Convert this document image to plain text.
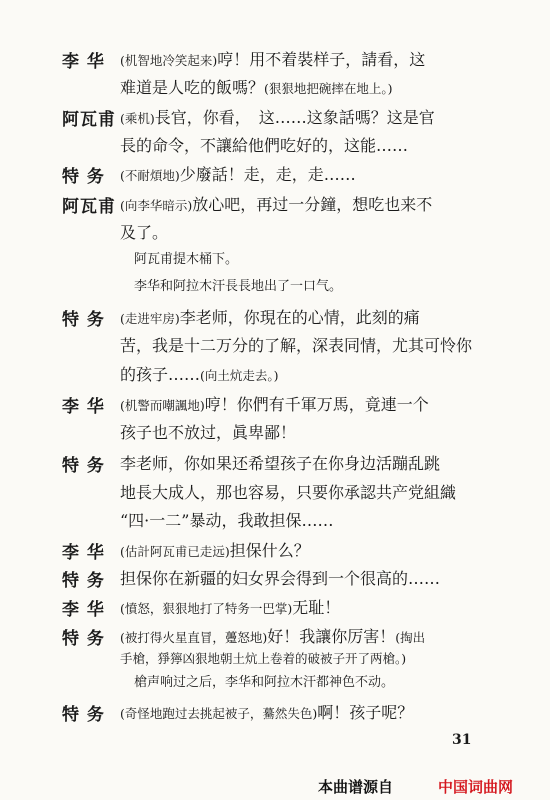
李 华 (机智地冷笑起来)哼！用不着裝样子，請看，这
难道是人吃的飯嗎？(狠狠地把碗摔在地上。)
阿瓦甫 (乘机)長官，你看，　这……这象話嗎？这是官
長的命令，不讓給他們吃好的，这能……
特 务 (不耐煩地)少廢話！走，走，走……
阿瓦甫 (向李华暗示)放心吧，再过一分鐘，想吃也来不
及了。
阿瓦甫提木桶下。
李华和阿拉木汗長長地出了一口气。
特 务 (走进牢房)李老师，你現在的心情，此刻的痛
苦，我是十二万分的了解，深表同情，尤其可怜你
的孩子……(向土炕走去。)
李 华 (机警而嘲諷地)哼！你們有千軍万馬，竟連一个
孩子也不放过，眞卑鄙！
特 务 李老师，你如果还希望孩子在你身边活蹦乱跳
地長大成人，那也容易，只要你承認共产党組織
“四·一二”暴动，我敢担保……
李 华 (估計阿瓦甫已走远)担保什么？
特 务 担保你在新疆的妇女界会得到一个很高的……
李 华 (憤怒，狠狠地打了特务一巴掌)无耻！
特 务 (被打得火星直冒，躉怒地)好！我讓你厉害！(掏出
手槍，猙獰凶狠地朝土炕上卷着的破被子开了两槍。)
槍声响过之后，李华和阿拉木汗都神色不动。
特 务 (奇怪地跑过去挑起被子，驀然失色)啊！孩子呢？
31
本曲谱源自	中国词曲网
